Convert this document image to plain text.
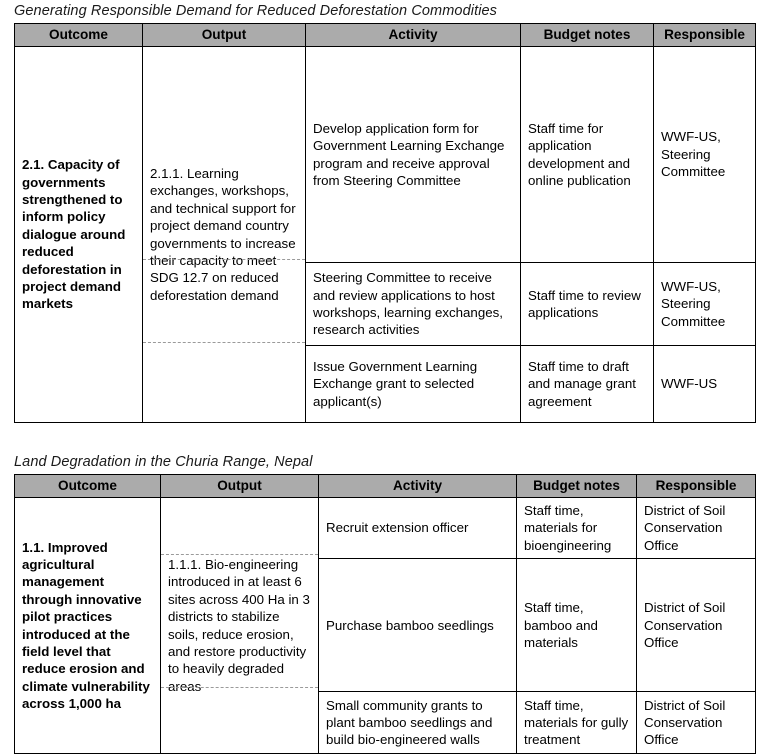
Generating Responsible Demand for Reduced Deforestation Commodities
Outcome	Output	Activity	Budget notes	Responsible
2.1. Capacity of governments strengthened to inform policy dialogue around reduced deforestation in project demand markets	2.1.1. Learning exchanges, workshops, and technical support for project demand country governments to increase their capacity to meet SDG 12.7 on reduced deforestation demand	Develop application form for Government Learning Exchange program and receive approval from Steering Committee	Staff time for application development and online publication	WWF-US, Steering Committee
		Steering Committee to receive and review applications to host workshops, learning exchanges, research activities	Staff time to review applications	WWF-US, Steering Committee
		Issue Government Learning Exchange grant to selected applicant(s)	Staff time to draft and manage grant agreement	WWF-US
Land Degradation in the Churia Range, Nepal
Outcome	Output	Activity	Budget notes	Responsible
1.1. Improved agricultural management through innovative pilot practices introduced at the field level that reduce erosion and climate vulnerability across 1,000 ha	1.1.1. Bio-engineering introduced in at least 6 sites across 400 Ha in 3 districts to stabilize soils, reduce erosion, and restore productivity to heavily degraded areas	Recruit extension officer	Staff time, materials for bioengineering	District of Soil Conservation Office
		Purchase bamboo seedlings	Staff time, bamboo and materials	District of Soil Conservation Office
		Small community grants to plant bamboo seedlings and build bio-engineered walls	Staff time, materials for gully treatment	District of Soil Conservation Office
